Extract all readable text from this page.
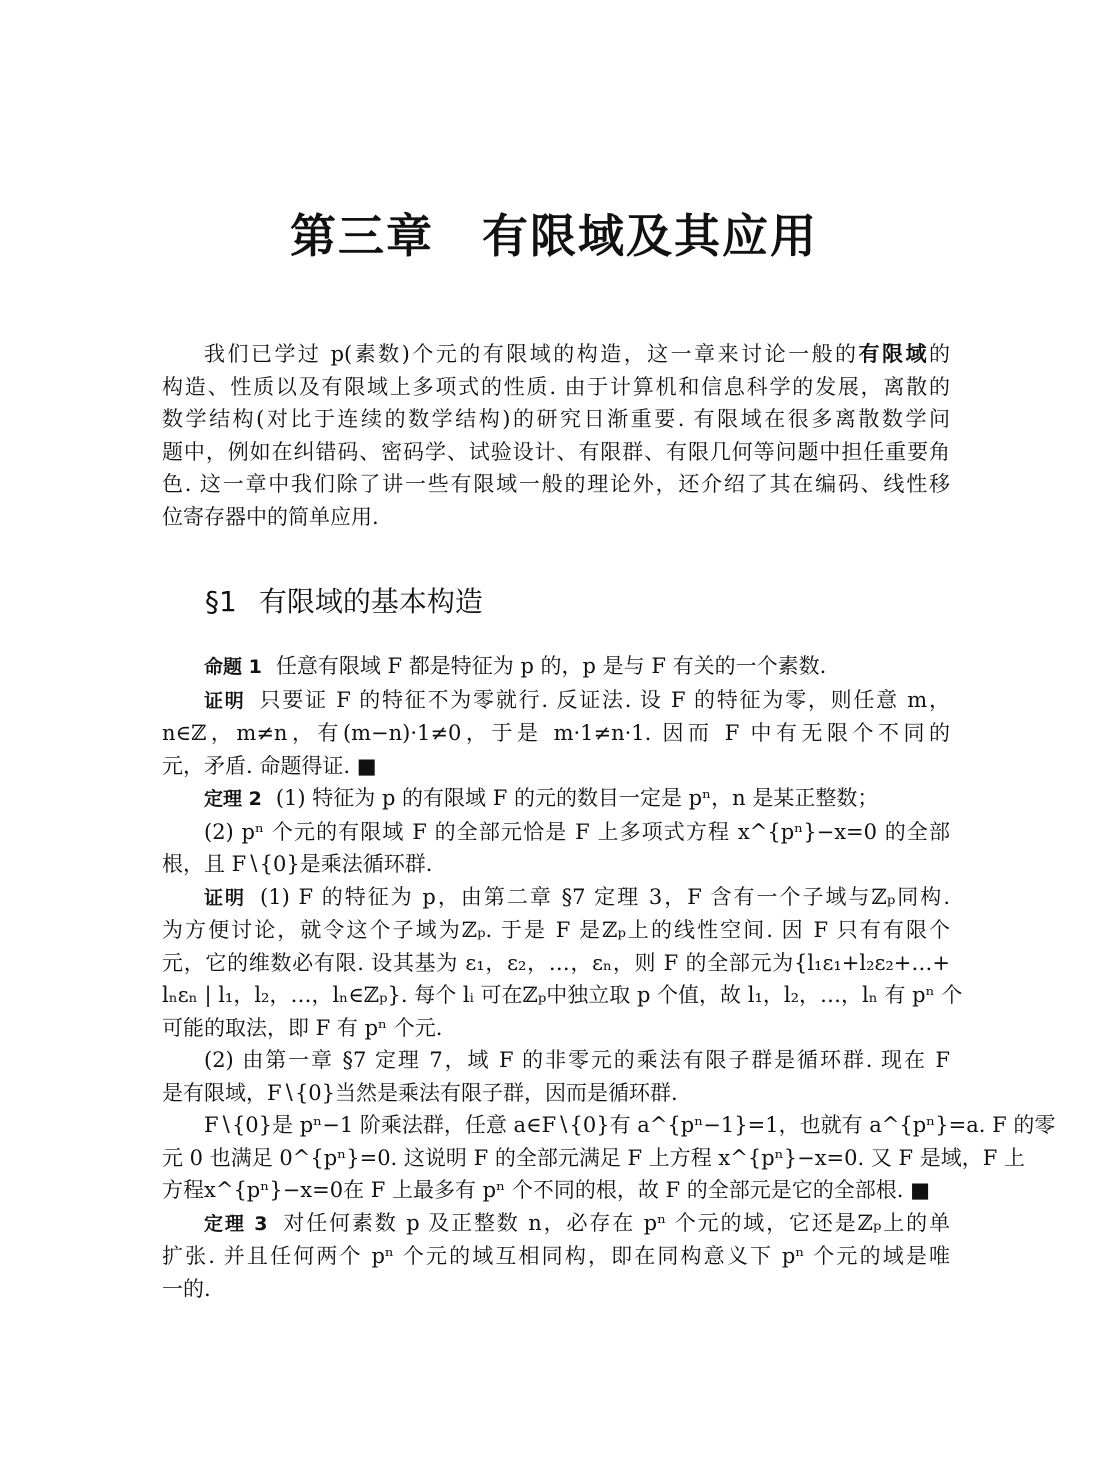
第三章 有限域及其应用
我们已学过 p(素数)个元的有限域的构造，这一章来讨论一般的有限域的
构造、性质以及有限域上多项式的性质. 由于计算机和信息科学的发展，离散的
数学结构(对比于连续的数学结构)的研究日渐重要. 有限域在很多离散数学问
题中，例如在纠错码、密码学、试验设计、有限群、有限几何等问题中担任重要角
色. 这一章中我们除了讲一些有限域一般的理论外，还介绍了其在编码、线性移
位寄存器中的简单应用.
§1 有限域的基本构造
命题 1 任意有限域 F 都是特征为 p 的，p 是与 F 有关的一个素数.
证明 只要证 F 的特征不为零就行. 反证法. 设 F 的特征为零，则任意 m，
n∈ℤ，m≠n，有(m−n)·1≠0，于是 m·1≠n·1. 因而 F 中有无限个不同的
元，矛盾. 命题得证. ■
定理 2 (1) 特征为 p 的有限域 F 的元的数目一定是 pⁿ，n 是某正整数；
(2) pⁿ 个元的有限域 F 的全部元恰是 F 上多项式方程 x^{pⁿ}−x=0 的全部
根，且 F∖{0}是乘法循环群.
证明 (1) F 的特征为 p，由第二章 §7 定理 3，F 含有一个子域与ℤₚ同构.
为方便讨论，就令这个子域为ℤₚ. 于是 F 是ℤₚ上的线性空间. 因 F 只有有限个
元，它的维数必有限. 设其基为 ε₁，ε₂，…，εₙ，则 F 的全部元为{l₁ε₁+l₂ε₂+…+
lₙεₙ | l₁，l₂，…，lₙ∈ℤₚ}. 每个 lᵢ 可在ℤₚ中独立取 p 个值，故 l₁，l₂，…，lₙ 有 pⁿ 个
可能的取法，即 F 有 pⁿ 个元.
(2) 由第一章 §7 定理 7，域 F 的非零元的乘法有限子群是循环群. 现在 F
是有限域，F∖{0}当然是乘法有限子群，因而是循环群.
F∖{0}是 pⁿ−1 阶乘法群，任意 a∈F∖{0}有 a^{pⁿ−1}=1，也就有 a^{pⁿ}=a. F 的零
元 0 也满足 0^{pⁿ}=0. 这说明 F 的全部元满足 F 上方程 x^{pⁿ}−x=0. 又 F 是域，F 上
方程x^{pⁿ}−x=0在 F 上最多有 pⁿ 个不同的根，故 F 的全部元是它的全部根. ■
定理 3 对任何素数 p 及正整数 n，必存在 pⁿ 个元的域，它还是ℤₚ上的单
扩张. 并且任何两个 pⁿ 个元的域互相同构，即在同构意义下 pⁿ 个元的域是唯
一的.
